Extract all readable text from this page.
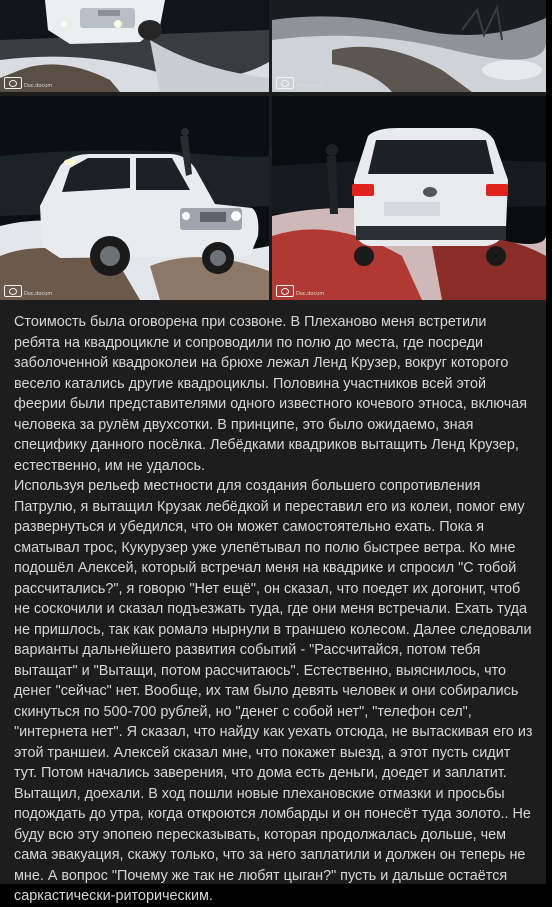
Doc.docum	Doc.docum
Doc.docum	Doc.docum

Стоимость была оговорена при созвоне. В Плеханово меня встретили ребята на квадроцикле и сопроводили по полю до места, где посреди заболоченной квадроколеи на брюхе лежал Ленд Крузер, вокруг которого весело катались другие квадроциклы. Половина участников всей этой феерии были представителями одного известного кочевого этноса, включая человека за рулём двухсотки. В принципе, это было ожидаемо, зная специфику данного посёлка. Лебёдками квадриков вытащить Ленд Крузер, естественно, им не удалось.

Используя рельеф местности для создания большего сопротивления Патрулю, я вытащил Крузак лебёдкой и переставил его из колеи, помог ему развернуться и убедился, что он может самостоятельно ехать. Пока я сматывал трос, Кукурузер уже улепётывал по полю быстрее ветра. Ко мне подошёл Алексей, который встречал меня на квадрике и спросил "С тобой рассчитались?", я говорю "Нет ещё", он сказал, что поедет их догонит, чтоб не соскочили и сказал подъезжать туда, где они меня встречали. Ехать туда не пришлось, так как ромалэ нырнули в траншею колесом. Далее следовали варианты дальнейшего развития событий - "Рассчитайся, потом тебя вытащат" и "Вытащи, потом рассчитаюсь". Естественно, выяснилось, что денег "сейчас" нет. Вообще, их там было девять человек и они собирались скинуться по 500-700 рублей, но "денег с собой нет", "телефон сел", "интернета нет". Я сказал, что найду как уехать отсюда, не вытаскивая его из этой траншеи. Алексей сказал мне, что покажет выезд, а этот пусть сидит тут. Потом начались заверения, что дома есть деньги, доедет и заплатит. Вытащил, доехали. В ход пошли новые плехановские отмазки и просьбы подождать до утра, когда откроются ломбарды и он понесёт туда золото.. Не буду всю эту эпопею пересказывать, которая продолжалась дольше, чем сама эвакуация, скажу только, что за него заплатили и должен он теперь не мне. А вопрос "Почему же так не любят цыган?" пусть и дальше остаётся саркастически-риторическим.
